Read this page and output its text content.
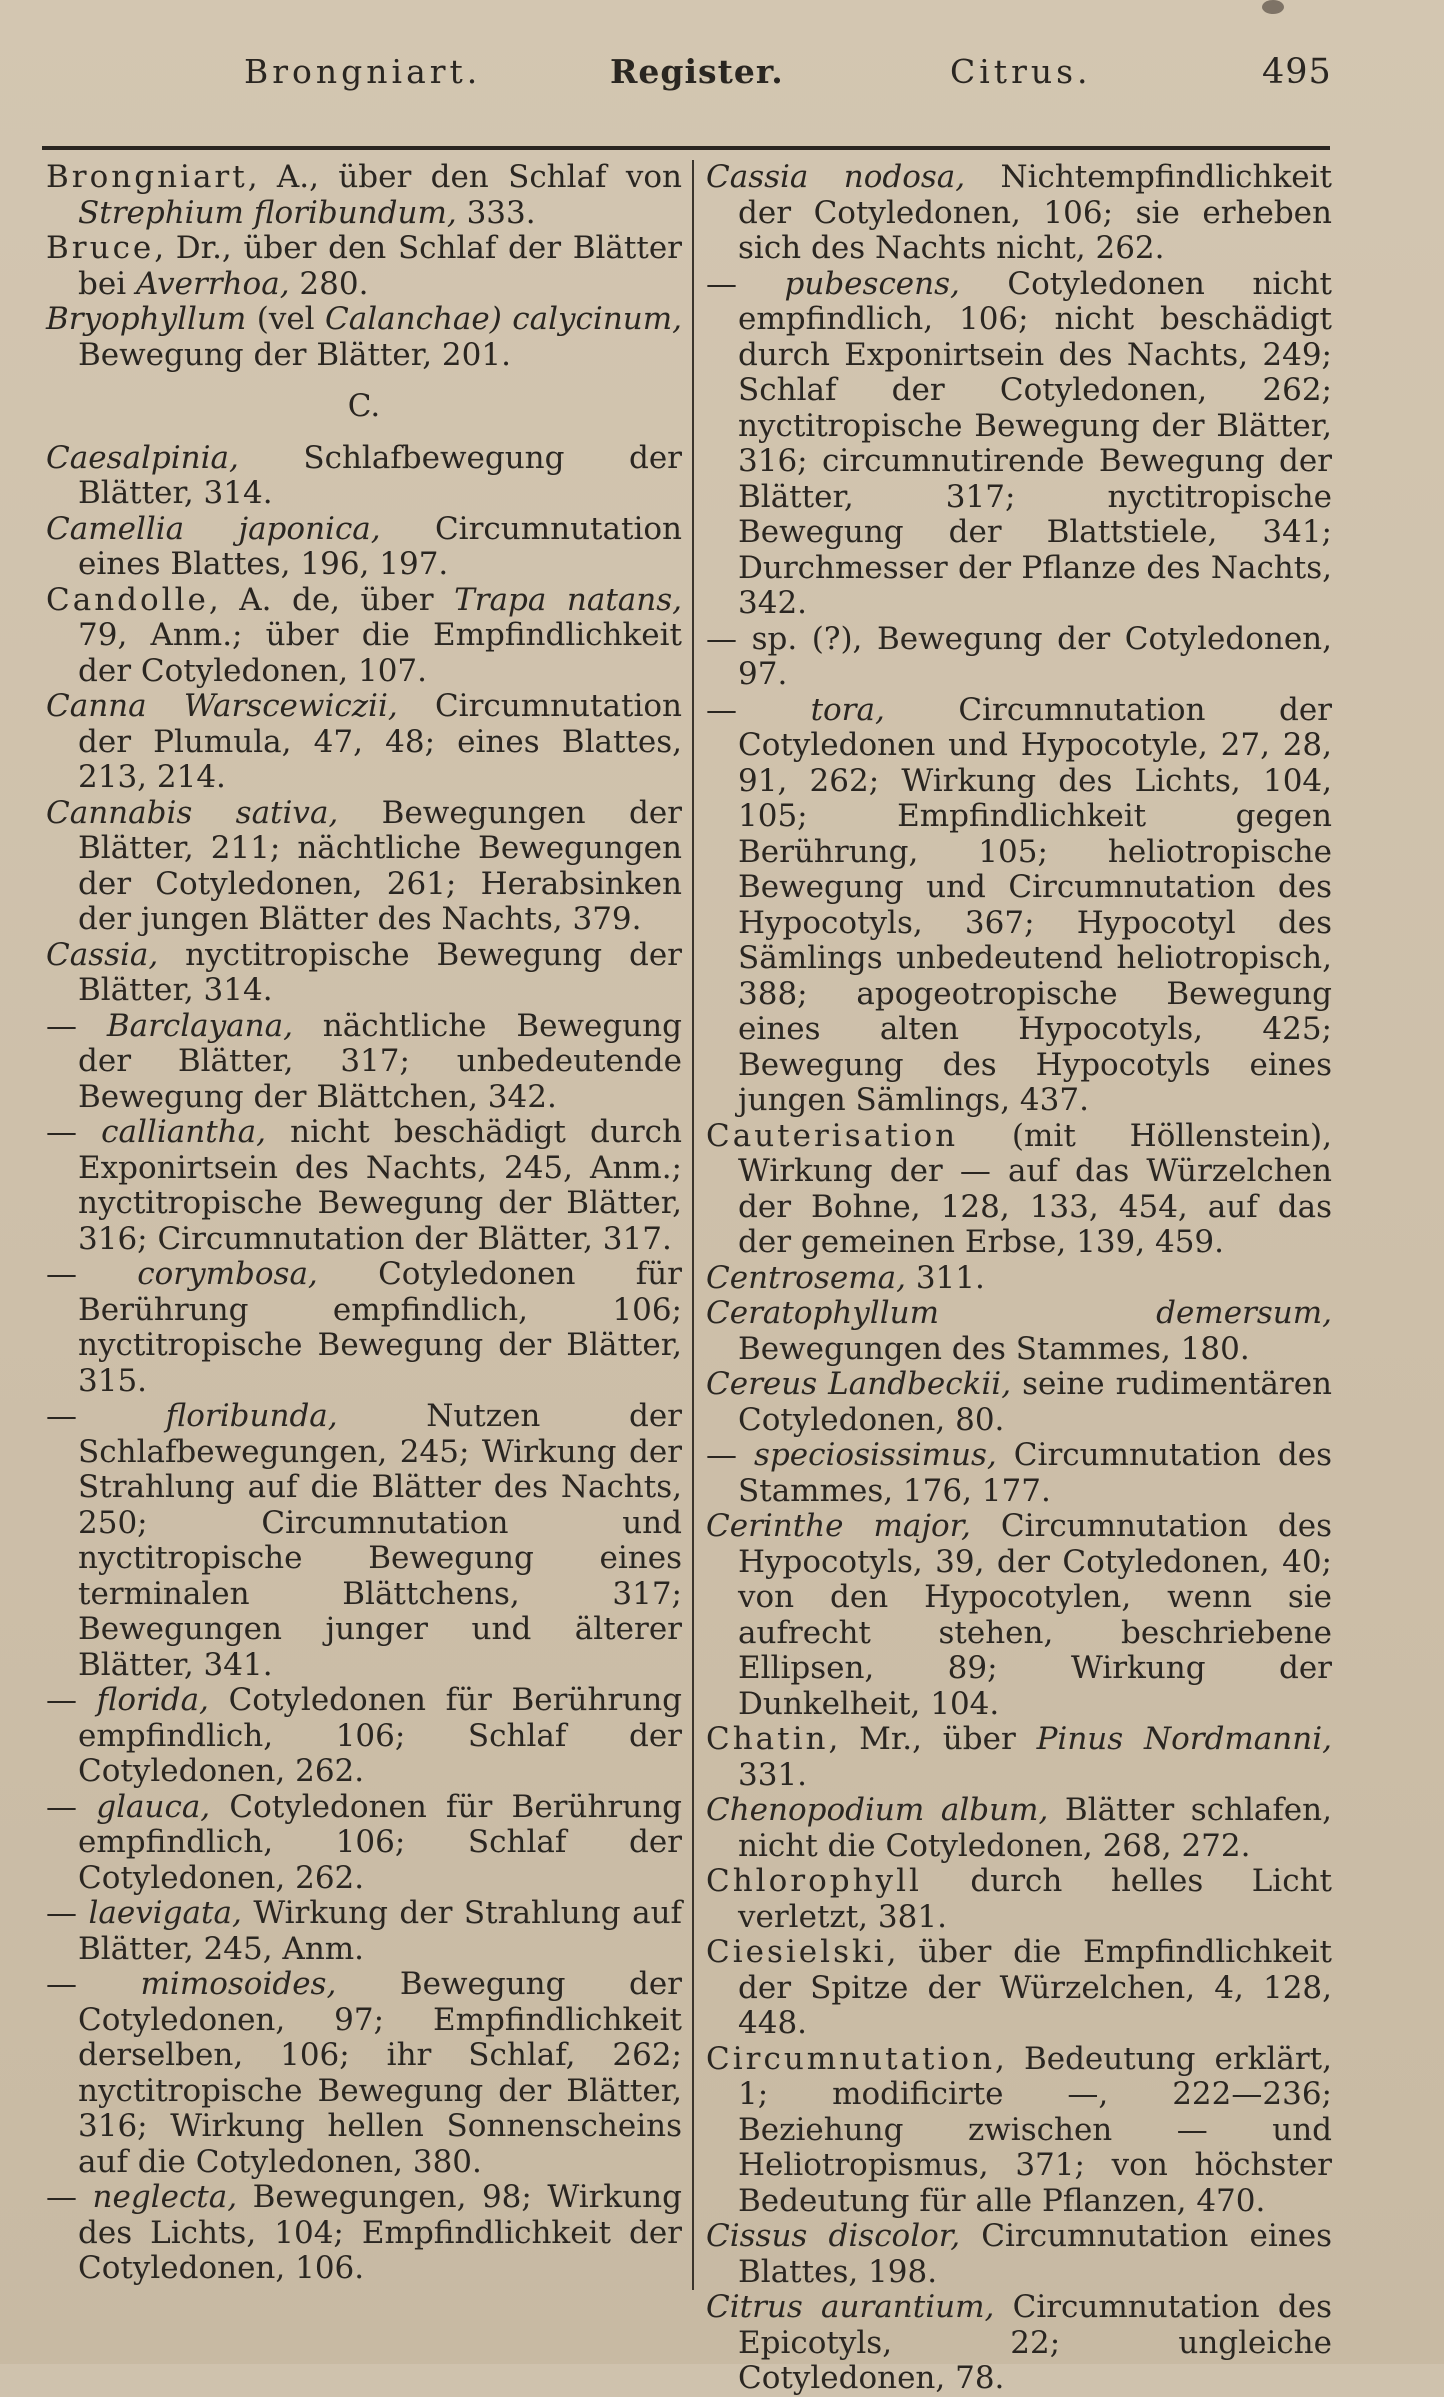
Brongniart.	Register.	Citrus.	495

Brongniart, A., über den Schlaf von Strephium floribundum, 333.

Bruce, Dr., über den Schlaf der Blätter bei Averrhoa, 280.

Bryophyllum (vel Calanchae) calycinum, Bewegung der Blätter, 201.

C.

Caesalpinia, Schlafbewegung der Blätter, 314.

Camellia japonica, Circumnutation eines Blattes, 196, 197.

Candolle, A. de, über Trapa natans, 79, Anm.; über die Empfindlichkeit der Cotyledonen, 107.

Canna Warscewiczii, Circumnutation der Plumula, 47, 48; eines Blattes, 213, 214.

Cannabis sativa, Bewegungen der Blätter, 211; nächtliche Bewegungen der Cotyledonen, 261; Herabsinken der jungen Blätter des Nachts, 379.

Cassia, nyctitropische Bewegung der Blätter, 314.

— Barclayana, nächtliche Bewegung der Blätter, 317; unbedeutende Bewegung der Blättchen, 342.

— calliantha, nicht beschädigt durch Exponirtsein des Nachts, 245, Anm.; nyctitropische Bewegung der Blätter, 316; Circumnutation der Blätter, 317.

— corymbosa, Cotyledonen für Berührung empfindlich, 106; nyctitropische Bewegung der Blätter, 315.

— floribunda, Nutzen der Schlafbewegungen, 245; Wirkung der Strahlung auf die Blätter des Nachts, 250; Circumnutation und nyctitropische Bewegung eines terminalen Blättchens, 317; Bewegungen junger und älterer Blätter, 341.

— florida, Cotyledonen für Berührung empfindlich, 106; Schlaf der Cotyledonen, 262.

— glauca, Cotyledonen für Berührung empfindlich, 106; Schlaf der Cotyledonen, 262.

— laevigata, Wirkung der Strahlung auf Blätter, 245, Anm.

— mimosoides, Bewegung der Cotyledonen, 97; Empfindlichkeit derselben, 106; ihr Schlaf, 262; nyctitropische Bewegung der Blätter, 316; Wirkung hellen Sonnenscheins auf die Cotyledonen, 380.

— neglecta, Bewegungen, 98; Wirkung des Lichts, 104; Empfindlichkeit der Cotyledonen, 106.

Cassia nodosa, Nichtempfindlichkeit der Cotyledonen, 106; sie erheben sich des Nachts nicht, 262.

— pubescens, Cotyledonen nicht empfindlich, 106; nicht beschädigt durch Exponirtsein des Nachts, 249; Schlaf der Cotyledonen, 262; nyctitropische Bewegung der Blätter, 316; circumnutirende Bewegung der Blätter, 317; nyctitropische Bewegung der Blattstiele, 341; Durchmesser der Pflanze des Nachts, 342.

— sp. (?), Bewegung der Cotyledonen, 97.

— tora, Circumnutation der Cotyledonen und Hypocotyle, 27, 28, 91, 262; Wirkung des Lichts, 104, 105; Empfindlichkeit gegen Berührung, 105; heliotropische Bewegung und Circumnutation des Hypocotyls, 367; Hypocotyl des Sämlings unbedeutend heliotropisch, 388; apogeotropische Bewegung eines alten Hypocotyls, 425; Bewegung des Hypocotyls eines jungen Sämlings, 437.

Cauterisation (mit Höllenstein), Wirkung der — auf das Würzelchen der Bohne, 128, 133, 454, auf das der gemeinen Erbse, 139, 459.

Centrosema, 311.

Ceratophyllum demersum, Bewegungen des Stammes, 180.

Cereus Landbeckii, seine rudimentären Cotyledonen, 80.

— speciosissimus, Circumnutation des Stammes, 176, 177.

Cerinthe major, Circumnutation des Hypocotyls, 39, der Cotyledonen, 40; von den Hypocotylen, wenn sie aufrecht stehen, beschriebene Ellipsen, 89; Wirkung der Dunkelheit, 104.

Chatin, Mr., über Pinus Nordmanni, 331.

Chenopodium album, Blätter schlafen, nicht die Cotyledonen, 268, 272.

Chlorophyll durch helles Licht verletzt, 381.

Ciesielski, über die Empfindlichkeit der Spitze der Würzelchen, 4, 128, 448.

Circumnutation, Bedeutung erklärt, 1; modificirte —, 222—236; Beziehung zwischen — und Heliotropismus, 371; von höchster Bedeutung für alle Pflanzen, 470.

Cissus discolor, Circumnutation eines Blattes, 198.

Citrus aurantium, Circumnutation des Epicotyls, 22; ungleiche Cotyledonen, 78.
